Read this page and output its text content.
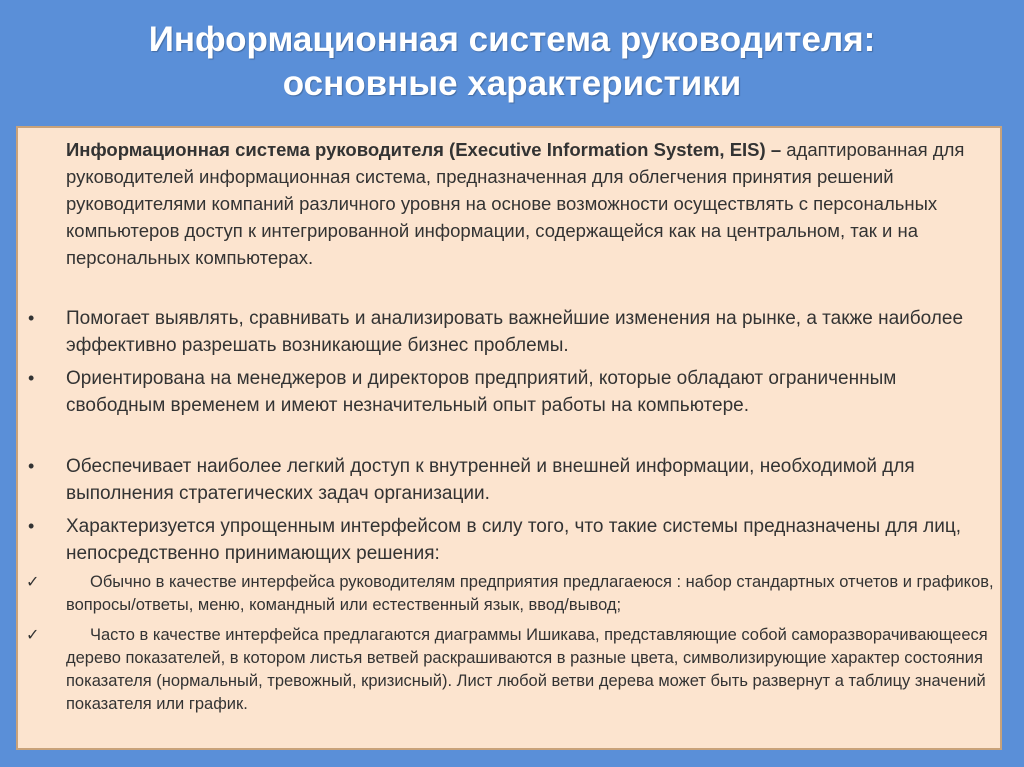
Информационная система руководителя:
основные характеристики
Информационная система руководителя (Executive Information System, EIS) – адаптированная для руководителей информационная система, предназначенная для облегчения принятия решений руководителями компаний различного уровня на основе возможности осуществлять с персональных компьютеров доступ к интегрированной информации, содержащейся как на центральном, так и на персональных компьютерах.
• Помогает выявлять, сравнивать и анализировать важнейшие изменения на рынке, а также наиболее эффективно разрешать возникающие бизнес проблемы.
• Ориентирована на менеджеров и директоров предприятий, которые обладают ограниченным свободным временем и имеют незначительный опыт работы на компьютере.
• Обеспечивает наиболее легкий доступ к внутренней и внешней информации, необходимой для выполнения стратегических задач организации.
• Характеризуется упрощенным интерфейсом в силу того, что такие системы предназначены для лиц, непосредственно принимающих решения:
✓	Обычно в качестве интерфейса руководителям предприятия предлагаеюся : набор стандартных отчетов и графиков, вопросы/ответы, меню, командный или естественный язык, ввод/вывод;
✓	Часто в качестве интерфейса предлагаются диаграммы Ишикава, представляющие собой саморазворачивающееся дерево показателей, в котором листья ветвей раскрашиваются в разные цвета, символизирующие характер состояния показателя (нормальный, тревожный, кризисный). Лист любой ветви дерева может быть развернут а таблицу значений показателя или график.
